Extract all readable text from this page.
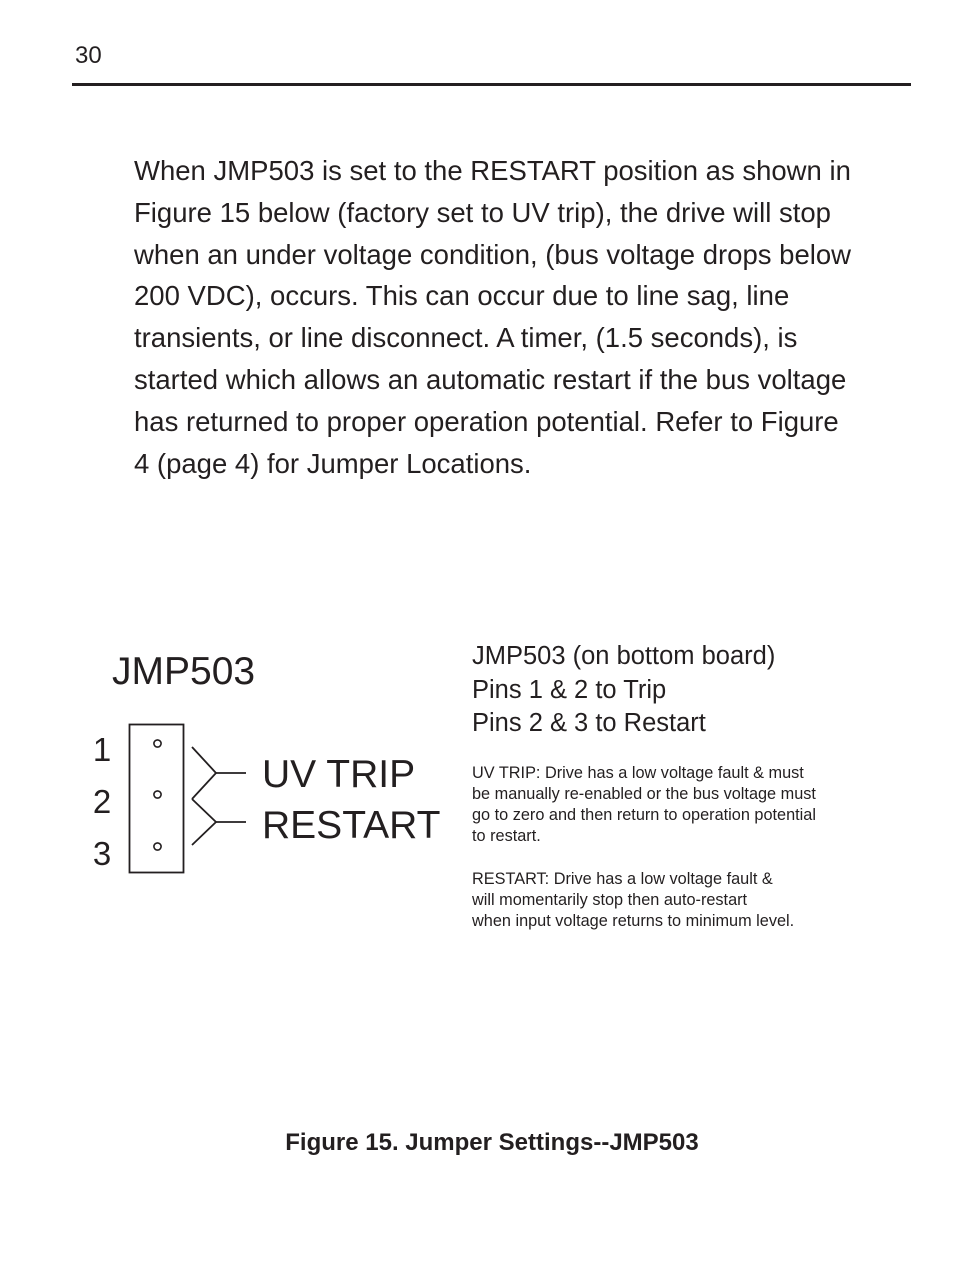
30

When JMP503 is set to the RESTART position as shown in
Figure 15 below (factory set to UV trip), the drive will stop
when an under voltage condition, (bus voltage drops below
200 VDC), occurs. This can occur due to line sag, line
transients, or line disconnect. A timer, (1.5 seconds), is
started which allows an automatic restart if the bus voltage
has returned to proper operation potential. Refer to Figure
4 (page 4) for Jumper Locations.

JMP503
1
2
3
UV TRIP
RESTART
JMP503 (on bottom board)
Pins 1 & 2 to Trip
Pins 2 & 3 to Restart
UV TRIP: Drive has a low voltage fault & must
be manually re-enabled or the bus voltage must
go to zero and then return to operation potential
to restart.
RESTART: Drive has a low voltage fault &
will momentarily stop then auto-restart
when input voltage returns to minimum level.
Figure 15. Jumper Settings--JMP503
